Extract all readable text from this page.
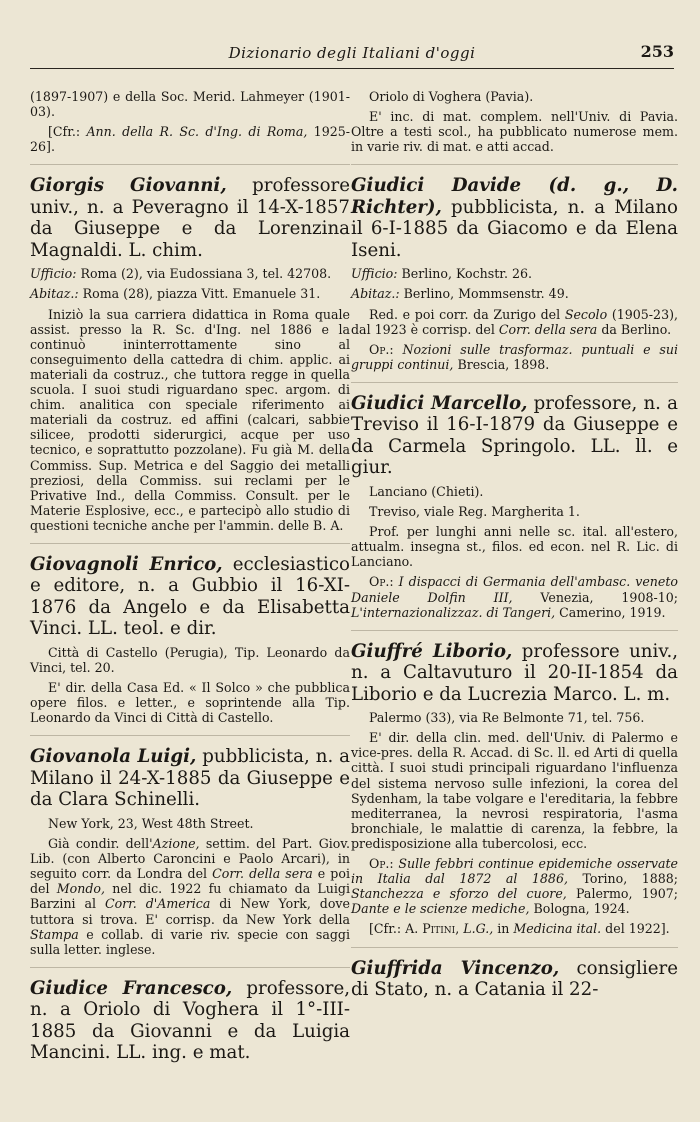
Dizionario degli Italiani d'oggi	253

(1897-1907) e della Soc. Merid. Lahmeyer (1901-03).

[Cfr.: Ann. della R. Sc. d'Ing. di Roma, 1925-26].

Giorgis Giovanni, professore univ., n. a Peveragno il 14-X-1857 da Giuseppe e da Lorenzina Magnaldi. L. chim.

Ufficio: Roma (2), via Eudossiana 3, tel. 42708.

Abitaz.: Roma (28), piazza Vitt. Emanuele 31.

Iniziò la sua carriera didattica in Roma quale assist. presso la R. Sc. d'Ing. nel 1886 e la continuò ininterrottamente sino al conseguimento della cattedra di chim. applic. ai materiali da costruz., che tuttora regge in quella scuola. I suoi studi riguardano spec. argom. di chim. analitica con speciale riferimento ai materiali da costruz. ed affini (calcari, sabbie silicee, prodotti siderurgici, acque per uso tecnico, e soprattutto pozzolane). Fu già M. della Commiss. Sup. Metrica e del Saggio dei metalli preziosi, della Commiss. sui reclami per le Privative Ind., della Commiss. Consult. per le Materie Esplosive, ecc., e partecipò allo studio di questioni tecniche anche per l'ammin. delle B. A.

Giovagnoli Enrico, ecclesiastico e editore, n. a Gubbio il 16-XI-1876 da Angelo e da Elisabetta Vinci. LL. teol. e dir.

Città di Castello (Perugia), Tip. Leonardo da Vinci, tel. 20.

E' dir. della Casa Ed. « Il Solco » che pubblica opere filos. e letter., e soprintende alla Tip. Leonardo da Vinci di Città di Castello.

Giovanola Luigi, pubblicista, n. a Milano il 24-X-1885 da Giuseppe e da Clara Schinelli.

New York, 23, West 48th Street.

Già condir. dell'Azione, settim. del Part. Giov. Lib. (con Alberto Caroncini e Paolo Arcari), in seguito corr. da Londra del Corr. della sera e poi del Mondo, nel dic. 1922 fu chiamato da Luigi Barzini al Corr. d'America di New York, dove tuttora si trova. E' corrisp. da New York della Stampa e collab. di varie riv. specie con saggi sulla letter. inglese.

Giudice Francesco, professore, n. a Oriolo di Voghera il 1°-III-1885 da Giovanni e da Luigia Mancini. LL. ing. e mat.

Oriolo di Voghera (Pavia).

E' inc. di mat. complem. nell'Univ. di Pavia. Oltre a testi scol., ha pubblicato numerose mem. in varie riv. di mat. e atti accad.

Giudici Davide (d. g., D. Richter), pubblicista, n. a Milano il 6-I-1885 da Giacomo e da Elena Iseni.

Ufficio: Berlino, Kochstr. 26.

Abitaz.: Berlino, Mommsenstr. 49.

Red. e poi corr. da Zurigo del Secolo (1905-23), dal 1923 è corrisp. del Corr. della sera da Berlino.

Op.: Nozioni sulle trasformaz. puntuali e sui gruppi continui, Brescia, 1898.

Giudici Marcello, professore, n. a Treviso il 16-I-1879 da Giuseppe e da Carmela Springolo. LL. ll. e giur.

Lanciano (Chieti).

Treviso, viale Reg. Margherita 1.

Prof. per lunghi anni nelle sc. ital. all'estero, attualm. insegna st., filos. ed econ. nel R. Lic. di Lanciano.

Op.: I dispacci di Germania dell'ambasc. veneto Daniele Dolfin III, Venezia, 1908-10; L'internazionalizzaz. di Tangeri, Camerino, 1919.

Giuffré Liborio, professore univ., n. a Caltavuturo il 20-II-1854 da Liborio e da Lucrezia Marco. L. m.

Palermo (33), via Re Belmonte 71, tel. 756.

E' dir. della clin. med. dell'Univ. di Palermo e vice-pres. della R. Accad. di Sc. ll. ed Arti di quella città. I suoi studi principali riguardano l'influenza del sistema nervoso sulle infezioni, la corea del Sydenham, la tabe volgare e l'ereditaria, la febbre mediterranea, la nevrosi respiratoria, l'asma bronchiale, le malattie di carenza, la febbre, la predisposizione alla tubercolosi, ecc.

Op.: Sulle febbri continue epidemiche osservate in Italia dal 1872 al 1886, Torino, 1888; Stanchezza e sforzo del cuore, Palermo, 1907; Dante e le scienze mediche, Bologna, 1924.

[Cfr.: A. Pitini, L.G., in Medicina ital. del 1922].

Giuffrida Vincenzo, consigliere di Stato, n. a Catania il 22-
